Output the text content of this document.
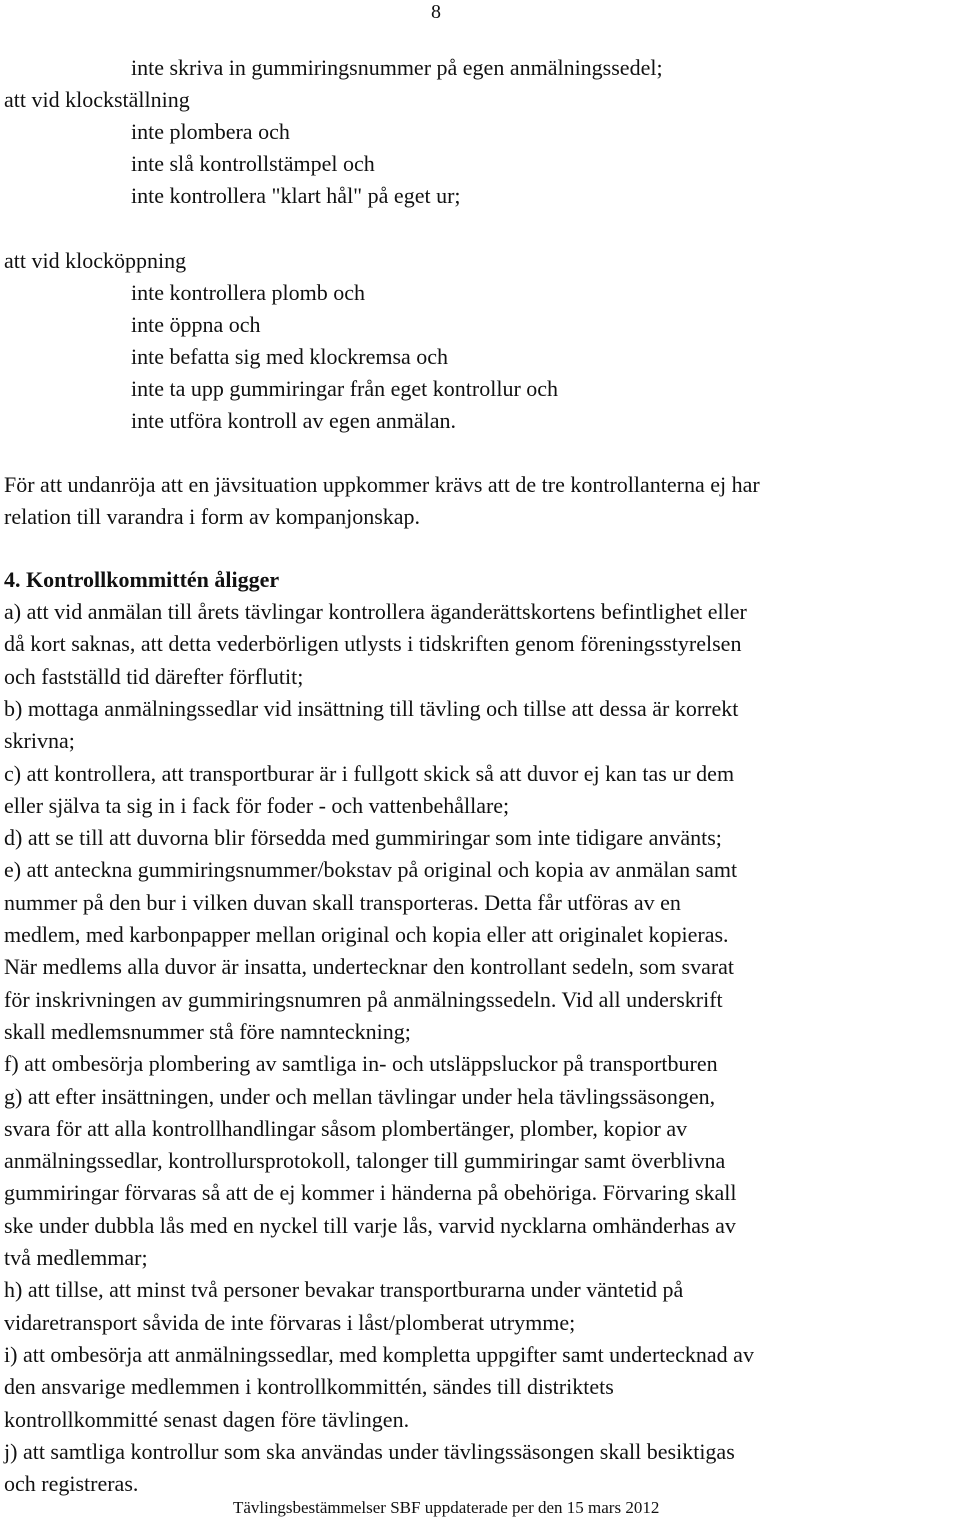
8
inte skriva in gummiringsnummer på egen anmälningssedel;
att vid klockställning
inte plombera och
inte slå kontrollstämpel och
inte kontrollera "klart hål" på eget ur;
att vid klocköppning
inte kontrollera plomb och
inte öppna och
inte befatta sig med klockremsa och
inte ta upp gummiringar från eget kontrollur och
inte utföra kontroll av egen anmälan.
För att undanröja att en jävsituation uppkommer krävs att de tre kontrollanterna ej har
relation till varandra i form av kompanjonskap.
4. Kontrollkommittén åligger
a) att vid anmälan till årets tävlingar kontrollera äganderättskortens befintlighet eller
då kort saknas, att detta vederbörligen utlysts i tidskriften genom föreningsstyrelsen
och fastställd tid därefter förflutit;
b) mottaga anmälningssedlar vid insättning till tävling och tillse att dessa är korrekt
skrivna;
c) att kontrollera, att transportburar är i fullgott skick så att duvor ej kan tas ur dem
eller själva ta sig in i fack för foder - och vattenbehållare;
d) att se till att duvorna blir försedda med gummiringar som inte tidigare använts;
e) att anteckna gummiringsnummer/bokstav på original och kopia av anmälan samt
nummer på den bur i vilken duvan skall transporteras. Detta får utföras av en
medlem, med karbonpapper mellan original och kopia eller att originalet kopieras.
När medlems alla duvor är insatta, undertecknar den kontrollant sedeln, som svarat
för inskrivningen av gummiringsnumren på anmälningssedeln. Vid all underskrift
skall medlemsnummer stå före namnteckning;
f) att ombesörja plombering av samtliga in- och utsläppsluckor på transportburen
g) att efter insättningen, under och mellan tävlingar under hela tävlingssäsongen,
svara för att alla kontrollhandlingar såsom plombertänger, plomber, kopior av
anmälningssedlar, kontrollursprotokoll, talonger till gummiringar samt överblivna
gummiringar förvaras så att de ej kommer i händerna på obehöriga. Förvaring skall
ske under dubbla lås med en nyckel till varje lås, varvid nycklarna omhänderhas av
två medlemmar;
h) att tillse, att minst två personer bevakar transportburarna under väntetid på
vidaretransport såvida de inte förvaras i låst/plomberat utrymme;
i) att ombesörja att anmälningssedlar, med kompletta uppgifter samt undertecknad av
den ansvarige medlemmen i kontrollkommittén, sändes till distriktets
kontrollkommitté senast dagen före tävlingen.
j) att samtliga kontrollur som ska användas under tävlingssäsongen skall besiktigas
och registreras.
Tävlingsbestämmelser SBF uppdaterade per den 15 mars 2012
